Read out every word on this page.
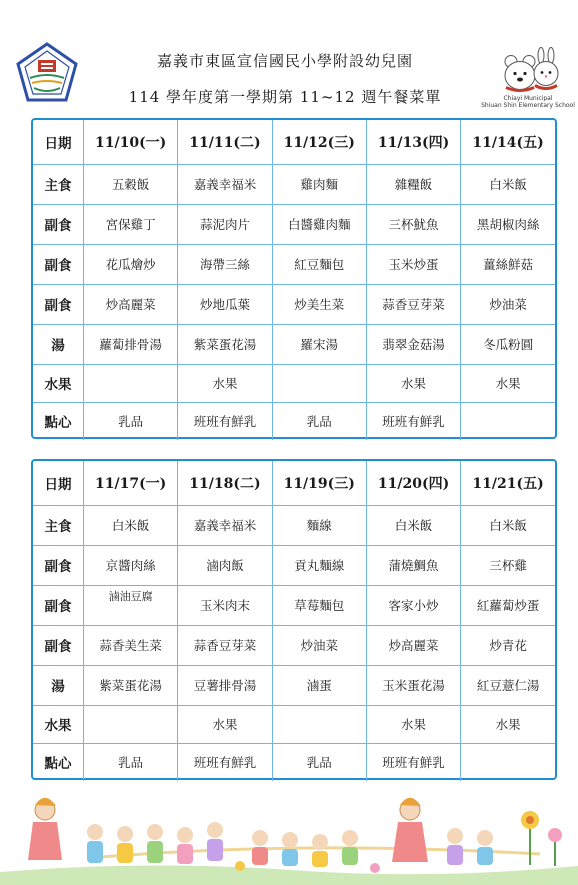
嘉義市東區宣信國民小學附設幼兒園
114 學年度第一學期第 11~12 週午餐菜單	Chiayi Municipal
Shiuan Shin Elementary School
日期	11/10(一)	11/11(二)	11/12(三)	11/13(四)	11/14(五)
主食	五穀飯	嘉義幸福米	雞肉麵	雜糧飯	白米飯
副食	宮保雞丁	蒜泥肉片	白醬雞肉麵	三杯魷魚	黑胡椒肉絲
副食	花瓜燴炒	海帶三絲	紅豆麵包	玉米炒蛋	薑絲鮮菇
副食	炒高麗菜	炒地瓜葉	炒美生菜	蒜香豆芽菜	炒油菜
湯	蘿蔔排骨湯	紫菜蛋花湯	羅宋湯	翡翠金菇湯	冬瓜粉圓
水果		水果		水果	水果
點心	乳品	班班有鮮乳	乳品	班班有鮮乳	
日期	11/17(一)	11/18(二)	11/19(三)	11/20(四)	11/21(五)
主食	白米飯	嘉義幸福米	麵線	白米飯	白米飯
副食	京醬肉絲	滷肉飯	貢丸麵線	蒲燒鯛魚	三杯雞
副食	滷油豆腐	玉米肉末	草莓麵包	客家小炒	紅蘿蔔炒蛋
副食	蒜香美生菜	蒜香豆芽菜	炒油菜	炒高麗菜	炒青花
湯	紫菜蛋花湯	豆薯排骨湯	滷蛋	玉米蛋花湯	紅豆薏仁湯
水果		水果		水果	水果
點心	乳品	班班有鮮乳	乳品	班班有鮮乳	
